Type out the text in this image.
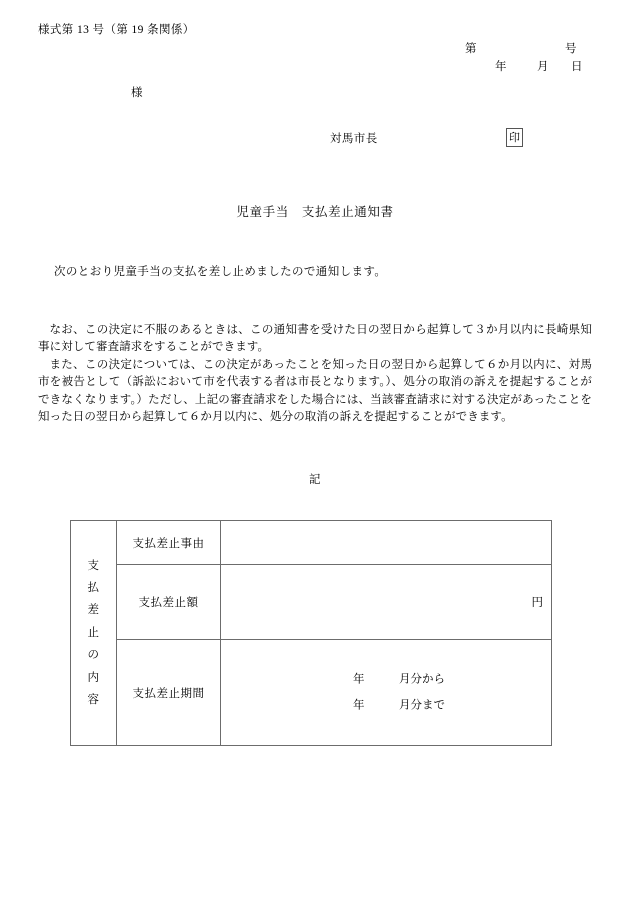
様式第 13 号（第 19 条関係）

第

	号

年

	月

日

様
対馬市長	印
児童手当　支払差止通知書
次のとおり児童手当の支払を差し止めましたので通知します。

なお、この決定に不服のあるときは、この通知書を受けた日の翌日から起算して３か月以内に長崎県知事に対して審査請求をすることができます。

また、この決定については、この決定があったことを知った日の翌日から起算して６か月以内に、対馬市を被告として（訴訟において市を代表する者は市長となります。）、処分の取消の訴えを提起することができなくなります。）ただし、上記の審査請求をした場合には、当該審査請求に対する決定があったことを知った日の翌日から起算して６か月以内に、処分の取消の訴えを提起することができます。

記
支
払
差
止
の
内
容
	支払差止事由	
	支払差止額	円

	支払差止期間	年 月分から
年 月分まで
